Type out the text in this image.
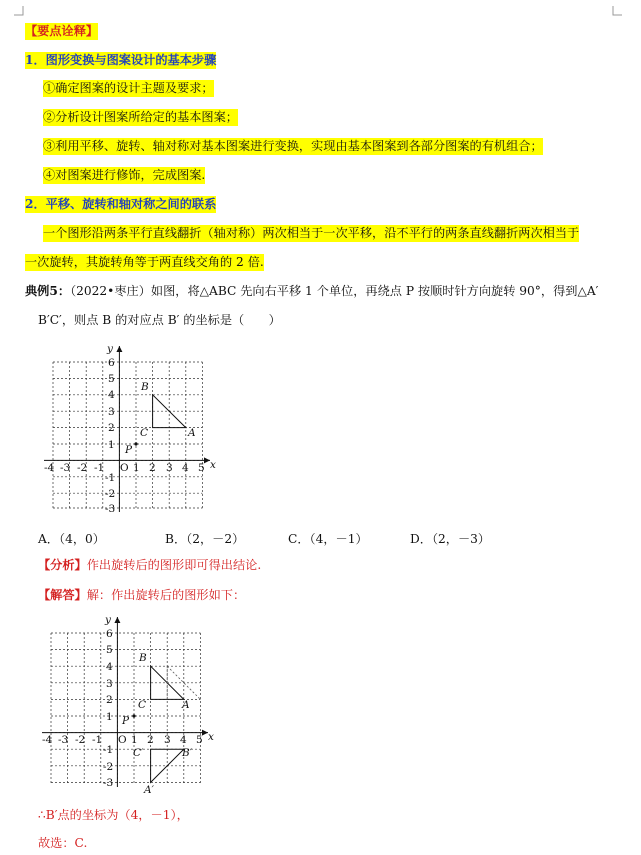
【要点诠释】
1．图形变换与图案设计的基本步骤
①确定图案的设计主题及要求；
②分析设计图案所给定的基本图案；
③利用平移、旋转、轴对称对基本图案进行变换，实现由基本图案到各部分图案的有机组合；
④对图案进行修饰，完成图案.
2．平移、旋转和轴对称之间的联系
一个图形沿两条平行直线翻折（轴对称）两次相当于一次平移，沿不平行的两条直线翻折两次相当于
一次旋转，其旋转角等于两直线交角的 2 倍.
典例5：（2022•枣庄）如图，将△ABC 先向右平移 1 个单位，再绕点 P 按顺时针方向旋转 90°，得到△A′
B′C′，则点 B 的对应点 B′ 的坐标是（　　）
y
x
O
-4 -3 -2 -1	1 2 3 4 5
6
5
4
3
2
1
-1
-2
-3
B
A
C
P
A．（4，0）	B．（2，－2）	C．（4，－1）	D．（2，－3）
【分析】作出旋转后的图形即可得出结论.
【解答】解：作出旋转后的图形如下：
y
x
O
-4 -3 -2 -1	1 2 3 4 5
6
5
4
3
2
1
-1
-2
-3
B
A
C
P
C′	B′
A′
∴B′点的坐标为（4，－1），
故选：C.
